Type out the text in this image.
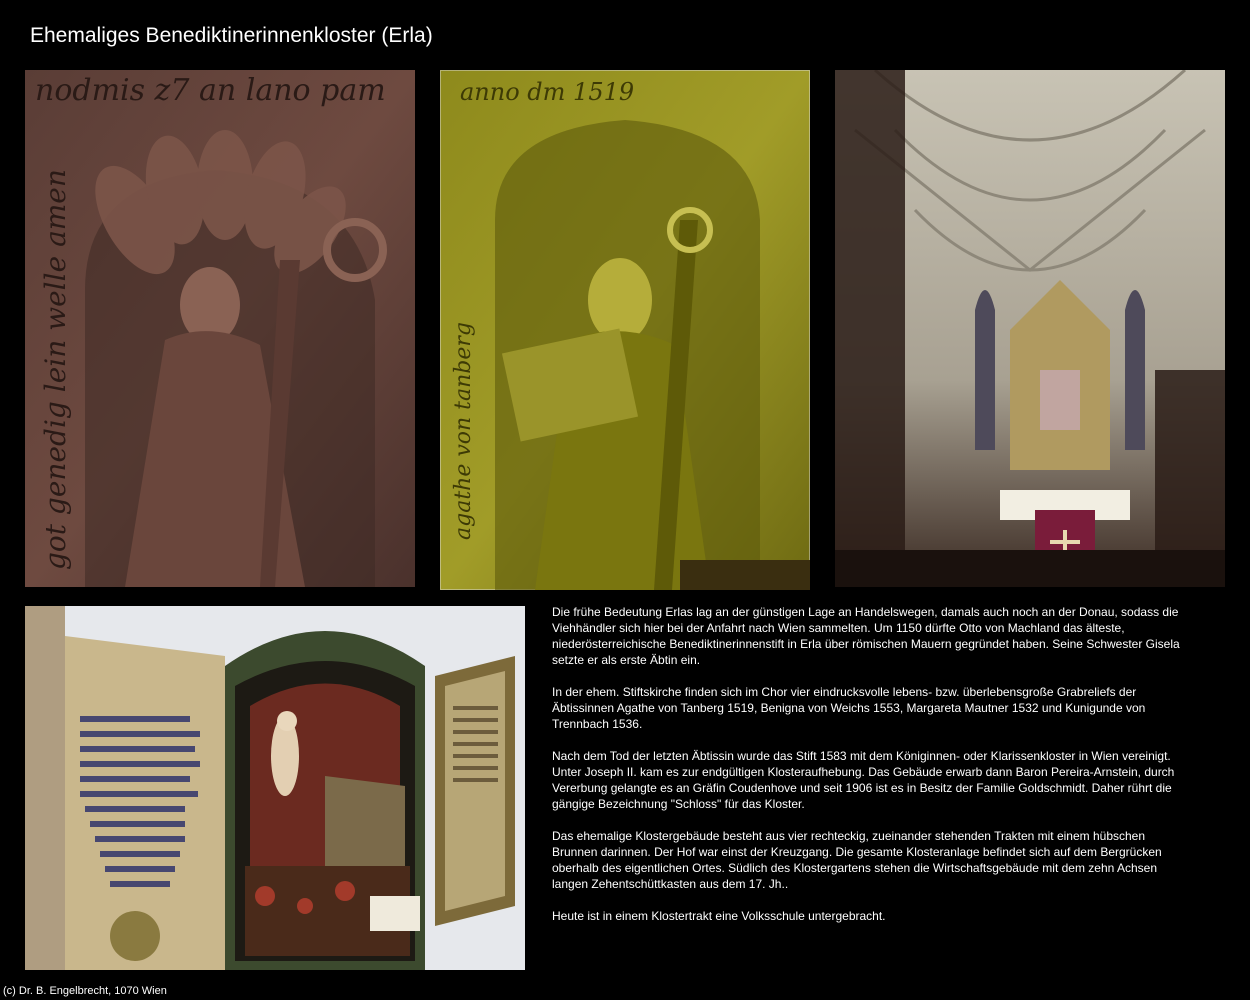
Ehemaliges Benediktinerinnenkloster (Erla)
nodmis z7 an lano pam
got genedig lein welle amen
anno dm 1519
agathe von tanberg

Die frühe Bedeutung Erlas lag an der günstigen Lage an Handelswegen, damals auch noch an der Donau, sodass die Viehhändler sich hier bei der Anfahrt nach Wien sammelten. Um 1150 dürfte Otto von Machland das älteste, niederösterreichische Benediktinerinnenstift in Erla über römischen Mauern gegründet haben. Seine Schwester Gisela setzte er als erste Äbtin ein.

In der ehem. Stiftskirche finden sich im Chor vier eindrucksvolle lebens- bzw. überlebensgroße Grabreliefs der Äbtissinnen Agathe von Tanberg 1519, Benigna von Weichs 1553, Margareta Mautner 1532 und Kunigunde von Trennbach 1536.

Nach dem Tod der letzten Äbtissin wurde das Stift 1583 mit dem Königinnen- oder Klarissenkloster in Wien vereinigt. Unter Joseph II. kam es zur endgültigen Klosteraufhebung. Das Gebäude erwarb dann Baron Pereira-Arnstein, durch Vererbung gelangte es an Gräfin Coudenhove und seit 1906 ist es in Besitz der Familie Goldschmidt. Daher rührt die gängige Bezeichnung "Schloss" für das Kloster.

Das ehemalige Klostergebäude besteht aus vier rechteckig, zueinander stehenden Trakten mit einem hübschen Brunnen darinnen. Der Hof war einst der Kreuzgang. Die gesamte Klosteranlage befindet sich auf dem Bergrücken oberhalb des eigentlichen Ortes. Südlich des Klostergartens stehen die Wirtschaftsgebäude mit dem zehn Achsen langen Zehentschüttkasten aus dem 17. Jh..

Heute ist in einem Klostertrakt eine Volksschule untergebracht.

(c) Dr. B. Engelbrecht, 1070 Wien
